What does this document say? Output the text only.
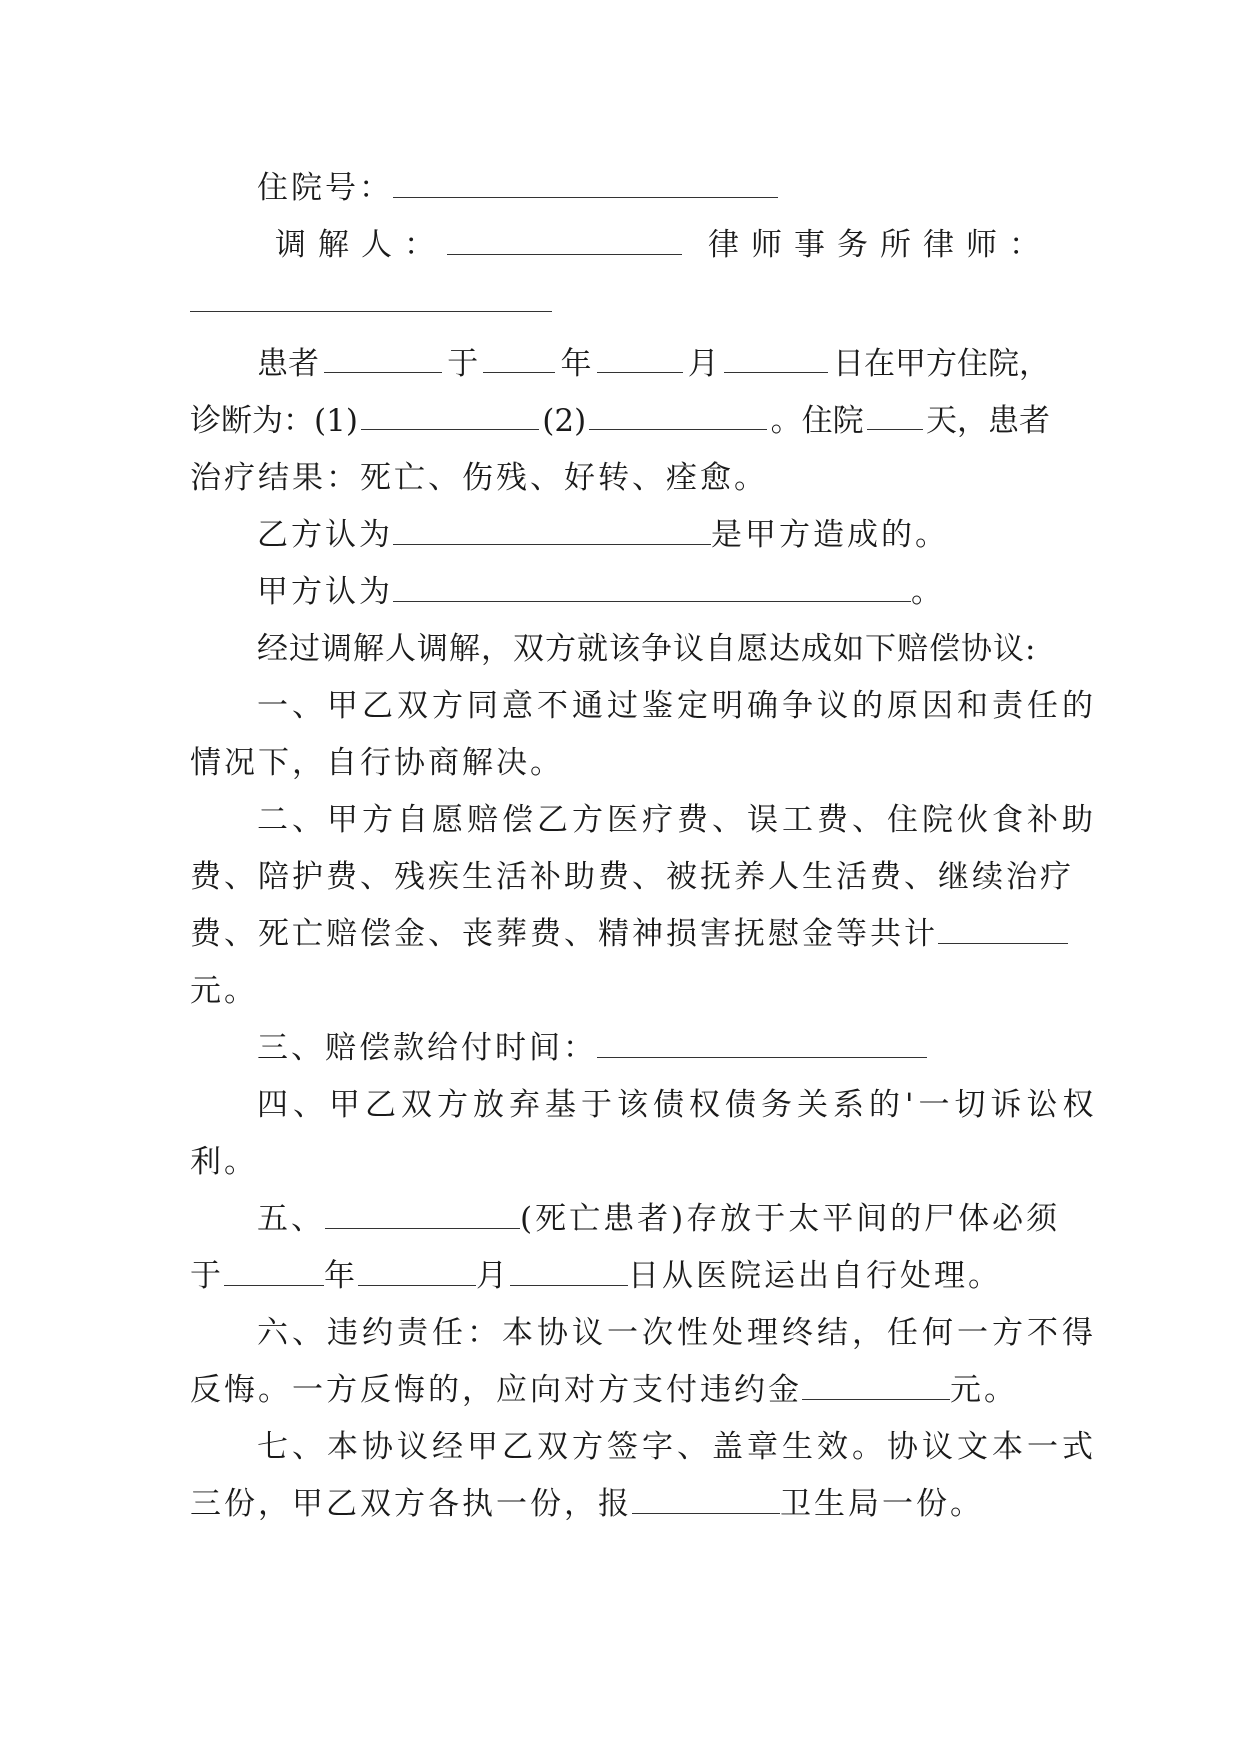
住院号：
调解人：	律师事务所律师：
患者	于	年	月	日在甲方住院，
诊断为：(1)	(2)	。住院 天，患者
治疗结果：死亡、伤残、好转、痊愈。
乙方认为	是甲方造成的。
甲方认为	。
经过调解人调解，双方就该争议自愿达成如下赔偿协议:
一、甲乙双方同意不通过鉴定明确争议的原因和责任的
情况下，自行协商解决。
二、甲方自愿赔偿乙方医疗费、误工费、住院伙食补助
费、陪护费、残疾生活补助费、被抚养人生活费、继续治疗
费、死亡赔偿金、丧葬费、精神损害抚慰金等共计
元。
三、赔偿款给付时间：
四、甲乙双方放弃基于该债权债务关系的'一切诉讼权
利。
五、	(死亡患者)存放于太平间的尸体必须
于	年	月	日从医院运出自行处理。
六、违约责任：本协议一次性处理终结，任何一方不得
反悔。一方反悔的，应向对方支付违约金	元。
七、本协议经甲乙双方签字、盖章生效。协议文本一式
三份，甲乙双方各执一份，报	卫生局一份。
